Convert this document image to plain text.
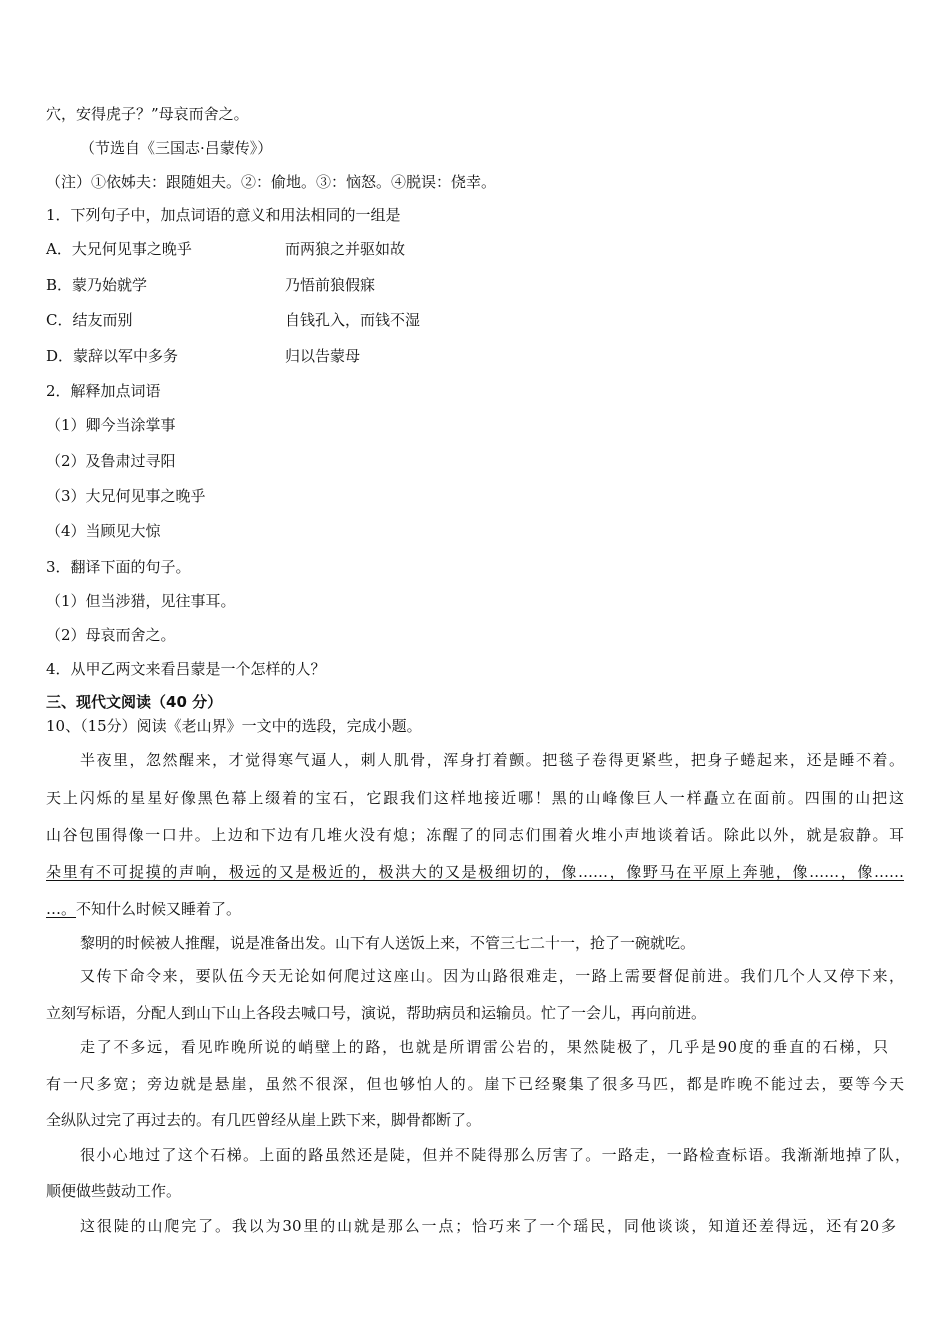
穴，安得虎子？”母哀而舍之。
（节选自《三国志·吕蒙传》）
（注）①依姊夫：跟随姐夫。②：偷地。③：恼怒。④脱误：侥幸。
1．下列句子中，加点词语的意义和用法相同的一组是
A．大兄何见事之晚乎	而两狼之并驱如故
B．蒙乃始就学	乃悟前狼假寐
C．结友而别	自钱孔入，而钱不湿
D．蒙辞以军中多务	归以告蒙母
2．解释加点词语
（1）卿今当涂掌事
（2）及鲁肃过寻阳
（3）大兄何见事之晚乎
（4）当顾见大惊
3．翻译下面的句子。
（1）但当涉猎，见往事耳。
（2）母哀而舍之。
4．从甲乙两文来看吕蒙是一个怎样的人？
三、现代文阅读（40 分）
10、（15分）阅读《老山界》一文中的选段，完成小题。
半夜里，忽然醒来，才觉得寒气逼人，刺人肌骨，浑身打着颤。把毯子卷得更紧些，把身子蜷起来，还是睡不着。
天上闪烁的星星好像黑色幕上缀着的宝石，它跟我们这样地接近哪！黑的山峰像巨人一样矗立在面前。四围的山把这
山谷包围得像一口井。上边和下边有几堆火没有熄；冻醒了的同志们围着火堆小声地谈着话。除此以外，就是寂静。耳
朵里有不可捉摸的声响，极远的又是极近的，极洪大的又是极细切的，像……，像野马在平原上奔驰，像……，像……
…。不知什么时候又睡着了。
黎明的时候被人推醒，说是准备出发。山下有人送饭上来，不管三七二十一，抢了一碗就吃。
又传下命令来，要队伍今天无论如何爬过这座山。因为山路很难走，一路上需要督促前进。我们几个人又停下来，
立刻写标语，分配人到山下山上各段去喊口号，演说，帮助病员和运输员。忙了一会儿，再向前进。
走了不多远，看见昨晚所说的峭壁上的路，也就是所谓雷公岩的，果然陡极了，几乎是90度的垂直的石梯，只
有一尺多宽；旁边就是悬崖，虽然不很深，但也够怕人的。崖下已经聚集了很多马匹，都是昨晚不能过去，要等今天
全纵队过完了再过去的。有几匹曾经从崖上跌下来，脚骨都断了。
很小心地过了这个石梯。上面的路虽然还是陡，但并不陡得那么厉害了。一路走，一路检查标语。我渐渐地掉了队，
顺便做些鼓动工作。
这很陡的山爬完了。我以为30里的山就是那么一点；恰巧来了一个瑶民，同他谈谈，知道还差得远，还有20多
